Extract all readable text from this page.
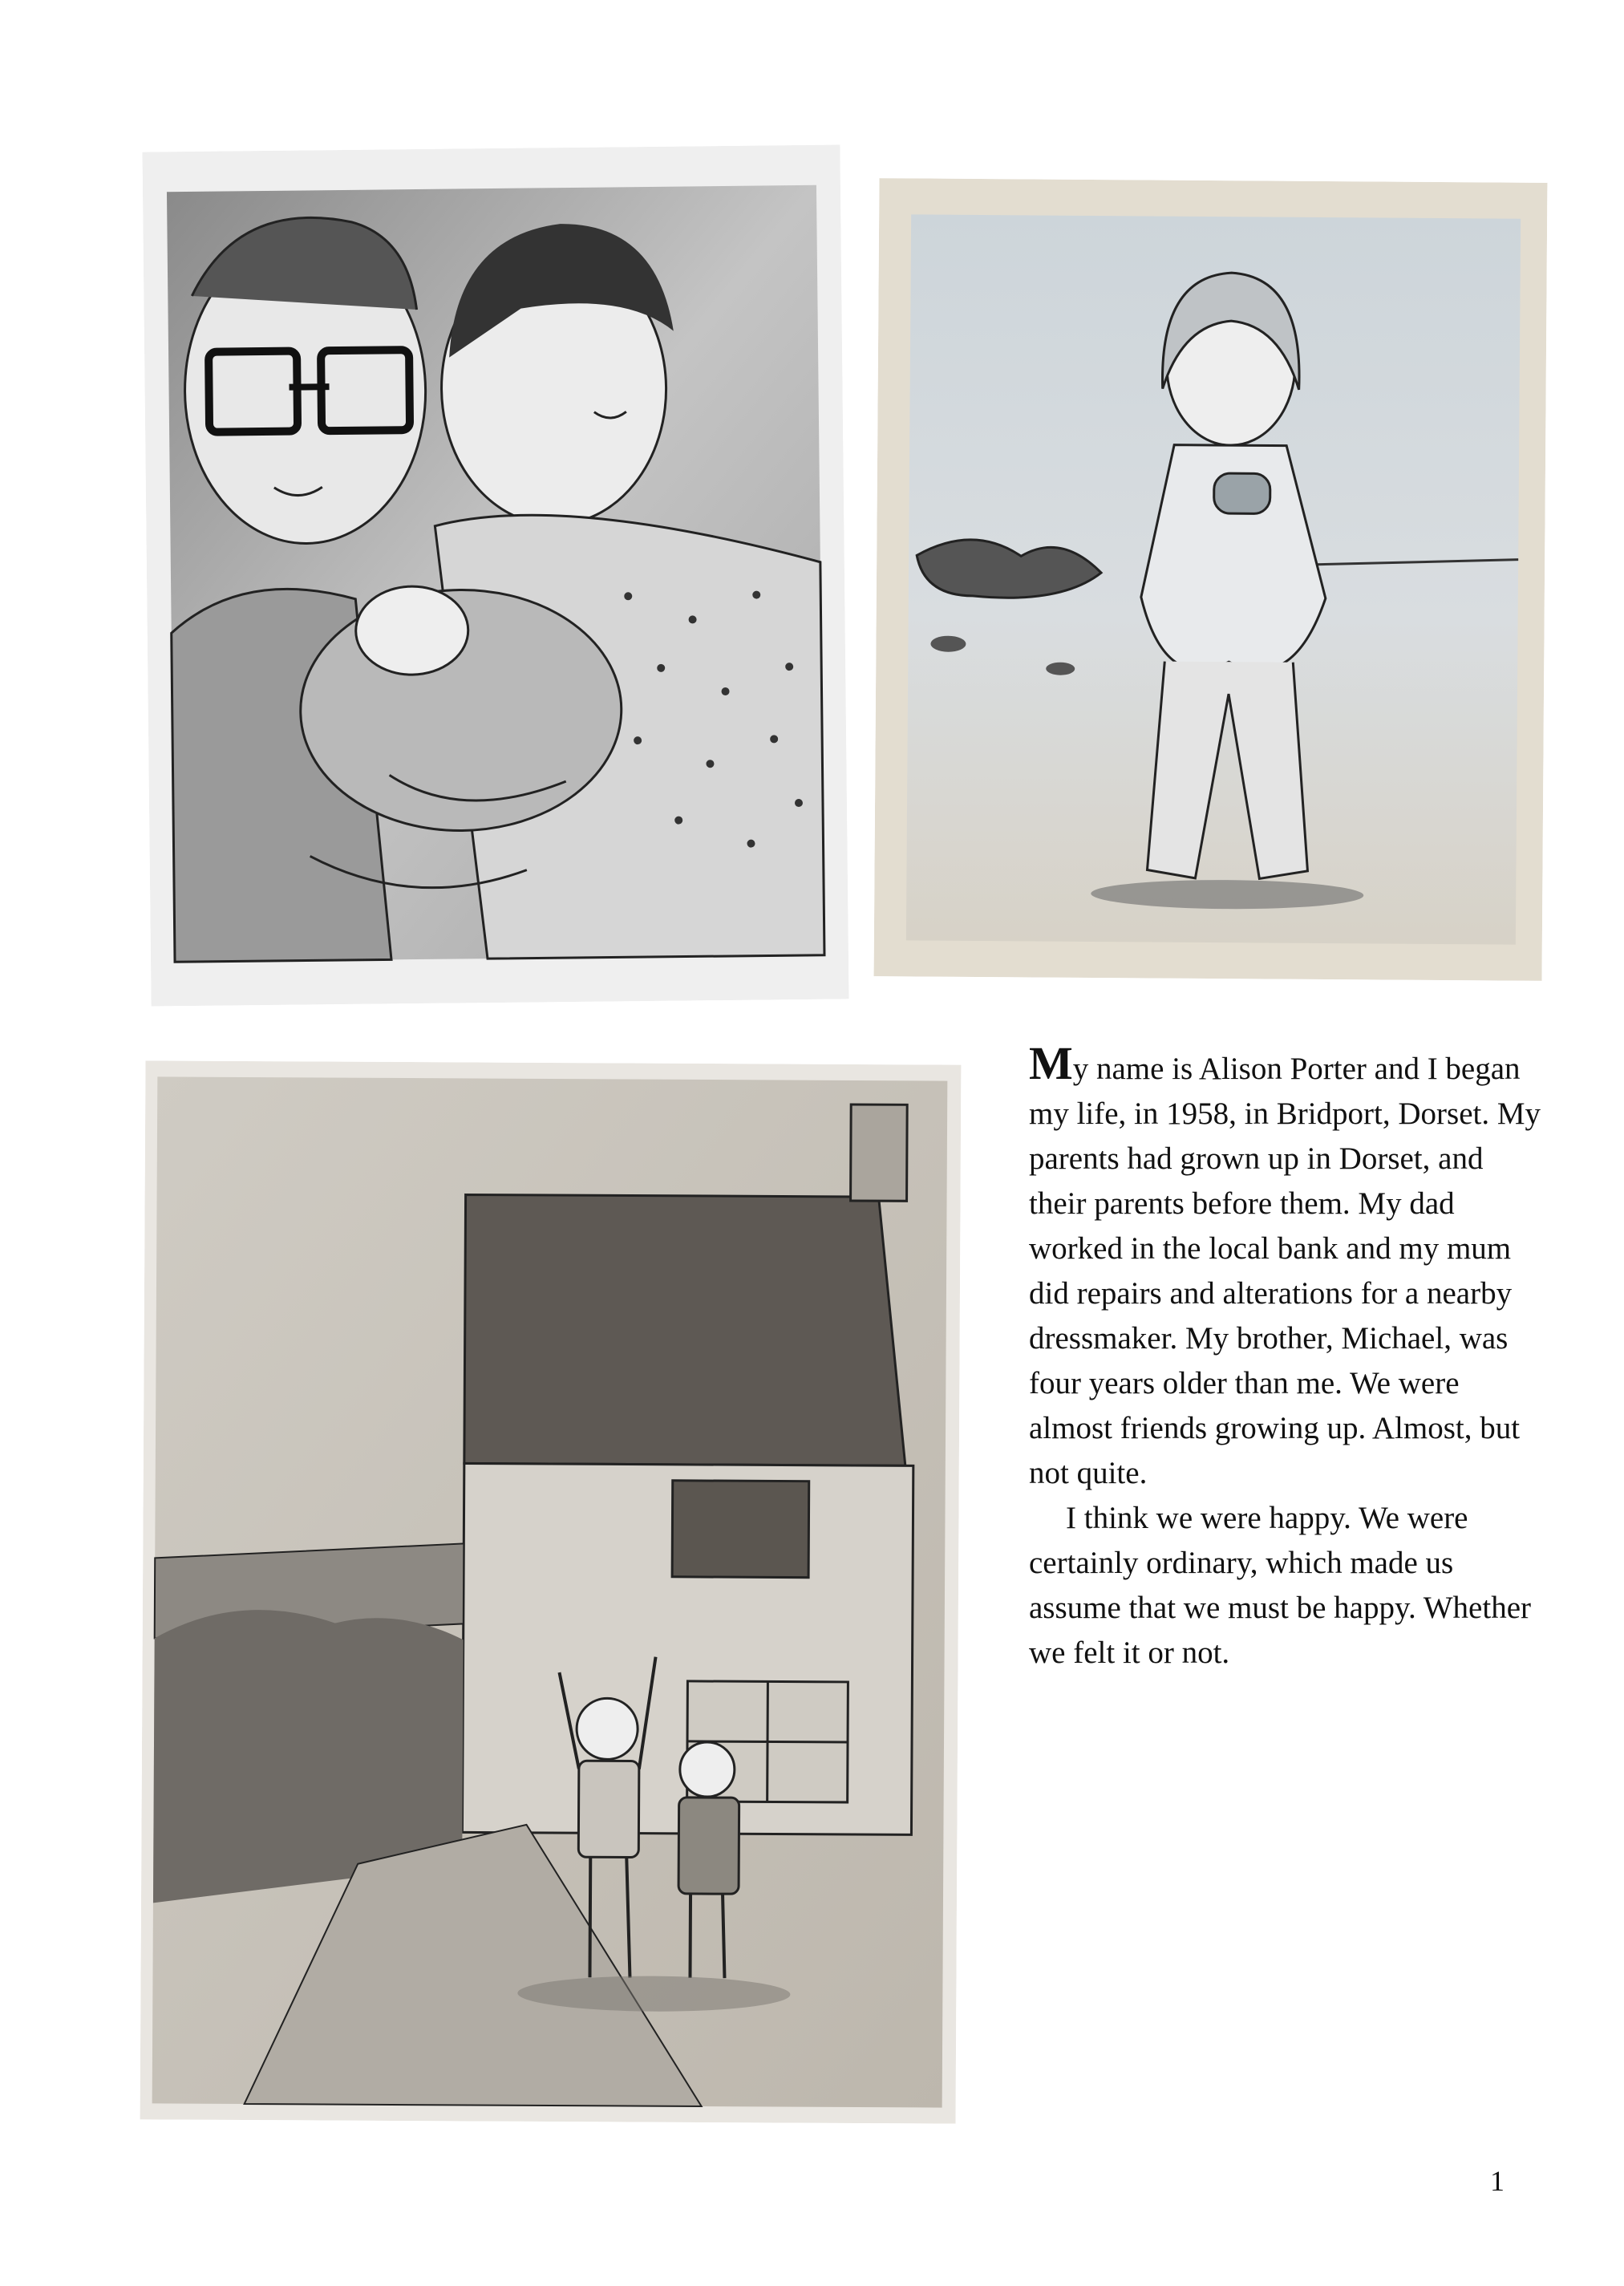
My name is Alison Porter and I began my life, in 1958, in Bridport, Dorset. My parents had grown up in Dorset, and their parents before them. My dad worked in the local bank and my mum did repairs and alterations for a nearby dressmaker. My brother, Michael, was four years older than me. We were almost friends growing up. Almost, but not quite.

I think we were happy. We were certainly ordinary, which made us assume that we must be happy. Whether we felt it or not.

1
